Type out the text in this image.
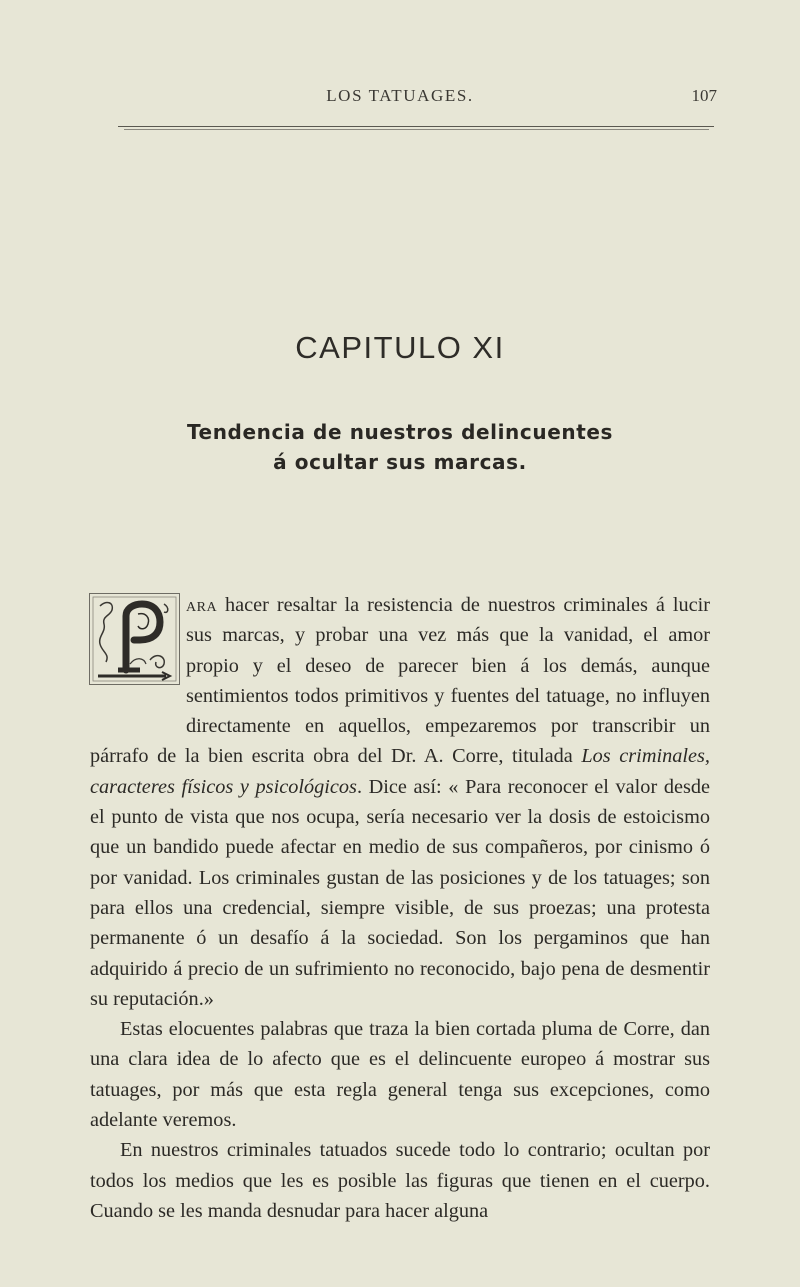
LOS TATUAGES.	107
CAPITULO XI
Tendencia de nuestros delincuentes
á ocultar sus marcas.

ara hacer resaltar la resistencia de nuestros criminales á lucir sus marcas, y probar una vez más que la vanidad, el amor propio y el deseo de parecer bien á los demás, aunque sentimientos todos primitivos y fuentes del tatuage, no influyen directamente en aquellos, empezaremos por transcribir un párrafo de la bien escrita obra del Dr. A. Corre, titulada Los criminales, caracteres físicos y psicológicos. Dice así: « Para reconocer el valor desde el punto de vista que nos ocupa, sería necesario ver la dosis de estoicismo que un bandido puede afectar en medio de sus compañeros, por cinismo ó por vanidad. Los criminales gustan de las posiciones y de los tatuages; son para ellos una credencial, siempre visible, de sus proezas; una protesta permanente ó un desafío á la sociedad. Son los pergaminos que han adquirido á precio de un sufrimiento no reconocido, bajo pena de desmentir su reputación.»

Estas elocuentes palabras que traza la bien cortada pluma de Corre, dan una clara idea de lo afecto que es el delincuente europeo á mostrar sus tatuages, por más que esta regla general tenga sus excepciones, como adelante veremos.

En nuestros criminales tatuados sucede todo lo contrario; ocultan por todos los medios que les es posible las figuras que tienen en el cuerpo. Cuando se les manda desnudar para hacer alguna
